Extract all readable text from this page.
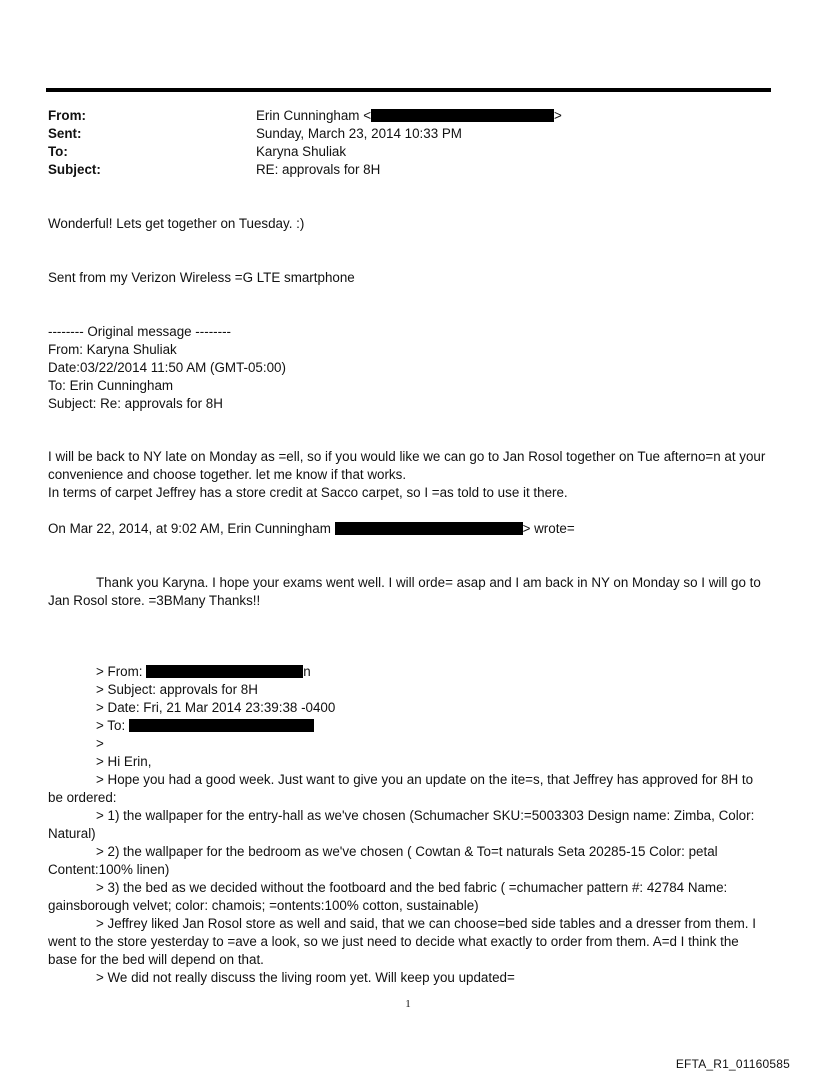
From:	Erin Cunningham <	>
Sent:	Sunday, March 23, 2014 10:33 PM
To:	Karyna Shuliak
Subject:	RE: approvals for 8H
Wonderful! Lets get together on Tuesday. :)
Sent from my Verizon Wireless =G LTE smartphone
-------- Original message --------
From: Karyna Shuliak
Date:03/22/2014 11:50 AM (GMT-05:00)
To: Erin Cunningham
Subject: Re: approvals for 8H
I will be back to NY late on Monday as =ell, so if you would like we can go to Jan Rosol together on Tue afterno=n at your convenience and choose together. let me know if that works.
In terms of carpet Jeffrey has a store credit at Sacco carpet, so I =as told to use it there.
On Mar 22, 2014, at 9:02 AM, Erin Cunningham	> wrote=
Thank you Karyna. I hope your exams went well. I will orde= asap and I am back in NY on Monday so I will go to Jan Rosol store. =3BMany Thanks!!
> From:	n
> Subject: approvals for 8H
> Date: Fri, 21 Mar 2014 23:39:38 -0400
> To:
>
> Hi Erin,
> Hope you had a good week. Just want to give you an update on the ite=s, that Jeffrey has approved for 8H to be ordered:
> 1) the wallpaper for the entry-hall as we've chosen (Schumacher SKU:=5003303 Design name: Zimba, Color: Natural)
> 2) the wallpaper for the bedroom as we've chosen ( Cowtan & To=t naturals Seta 20285-15 Color: petal Content:100% linen)
> 3) the bed as we decided without the footboard and the bed fabric ( =chumacher pattern #: 42784 Name: gainsborough velvet; color: chamois; =ontents:100% cotton, sustainable)
> Jeffrey liked Jan Rosol store as well and said, that we can choose=bed side tables and a dresser from them. I went to the store yesterday to =ave a look, so we just need to decide what exactly to order from them. A=d I think the base for the bed will depend on that.
> We did not really discuss the living room yet. Will keep you updated=
1
EFTA_R1_01160585
